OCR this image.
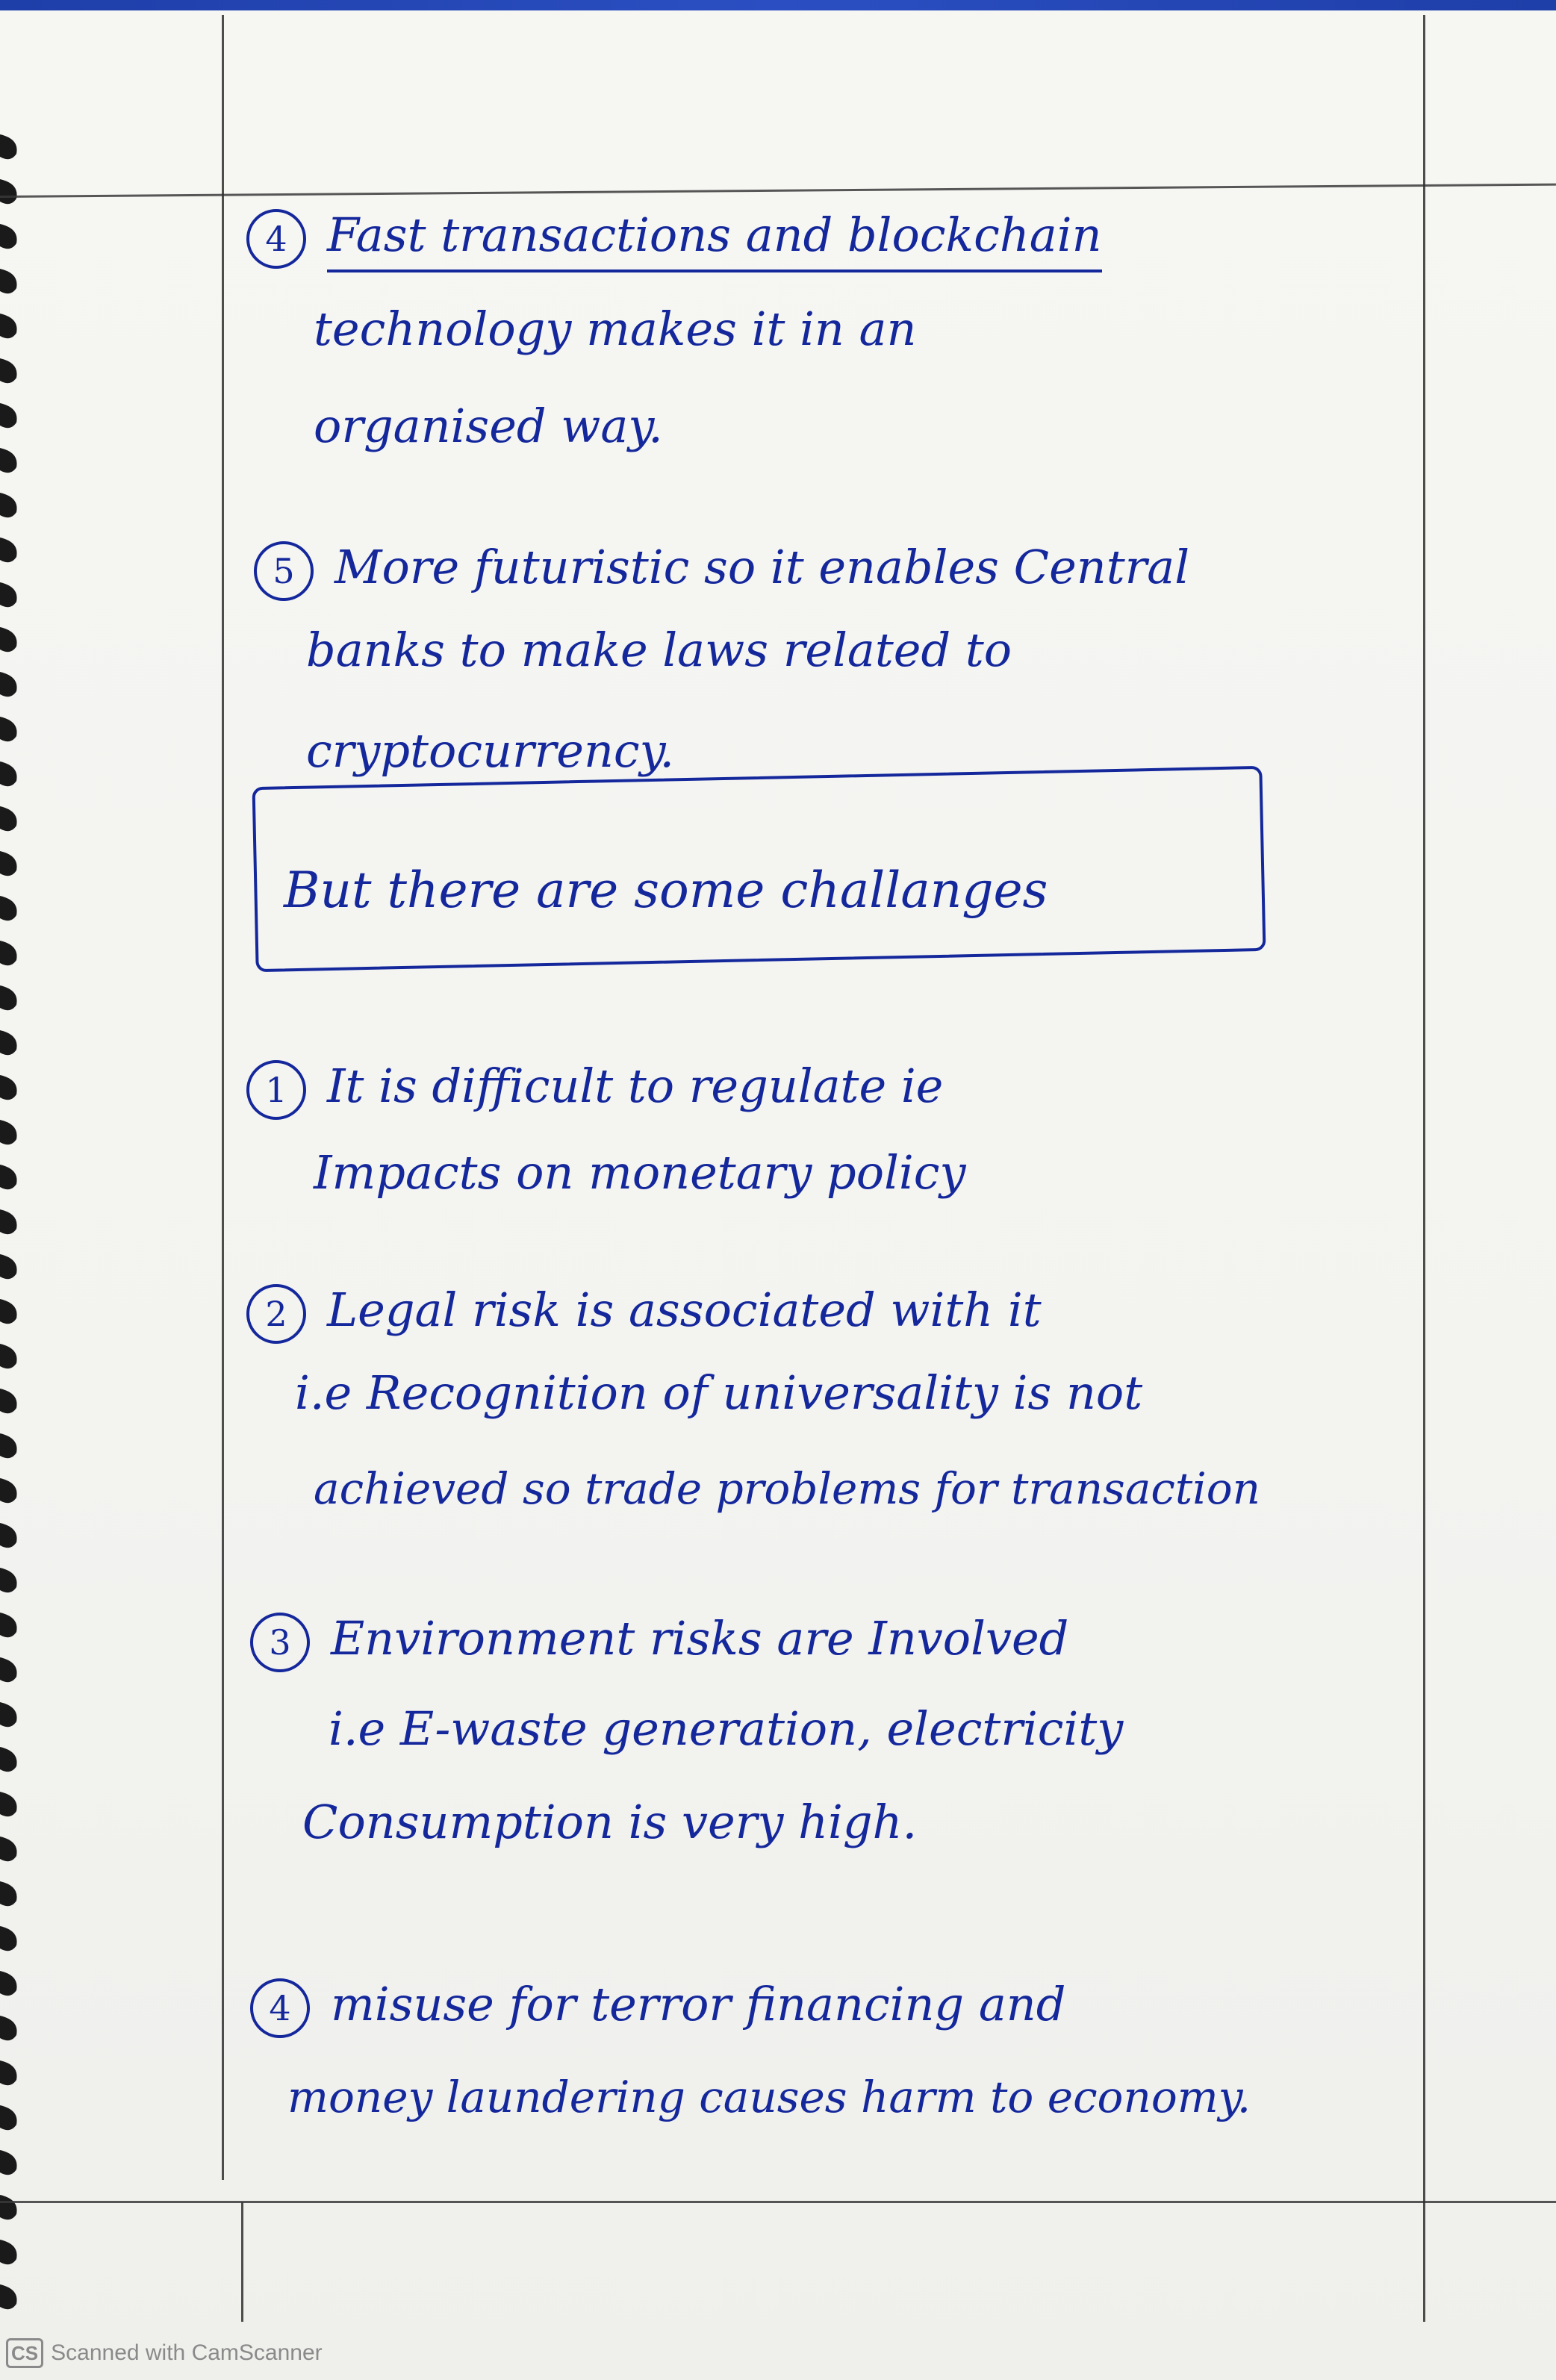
4 Fast transactions and blockchain
technology makes it in an
organised way.
5 More futuristic so it enables Central
banks to make laws related to
cryptocurrency.
But there are some challanges
1 It is difficult to regulate ie
Impacts on monetary policy
2 Legal risk is associated with it
i.e Recognition of universality is not
achieved so trade problems for transaction
3 Environment risks are Involved
i.e E-waste generation, electricity
Consumption is very high.
4 misuse for terror financing and
money laundering causes harm to economy.
CS Scanned with CamScanner
